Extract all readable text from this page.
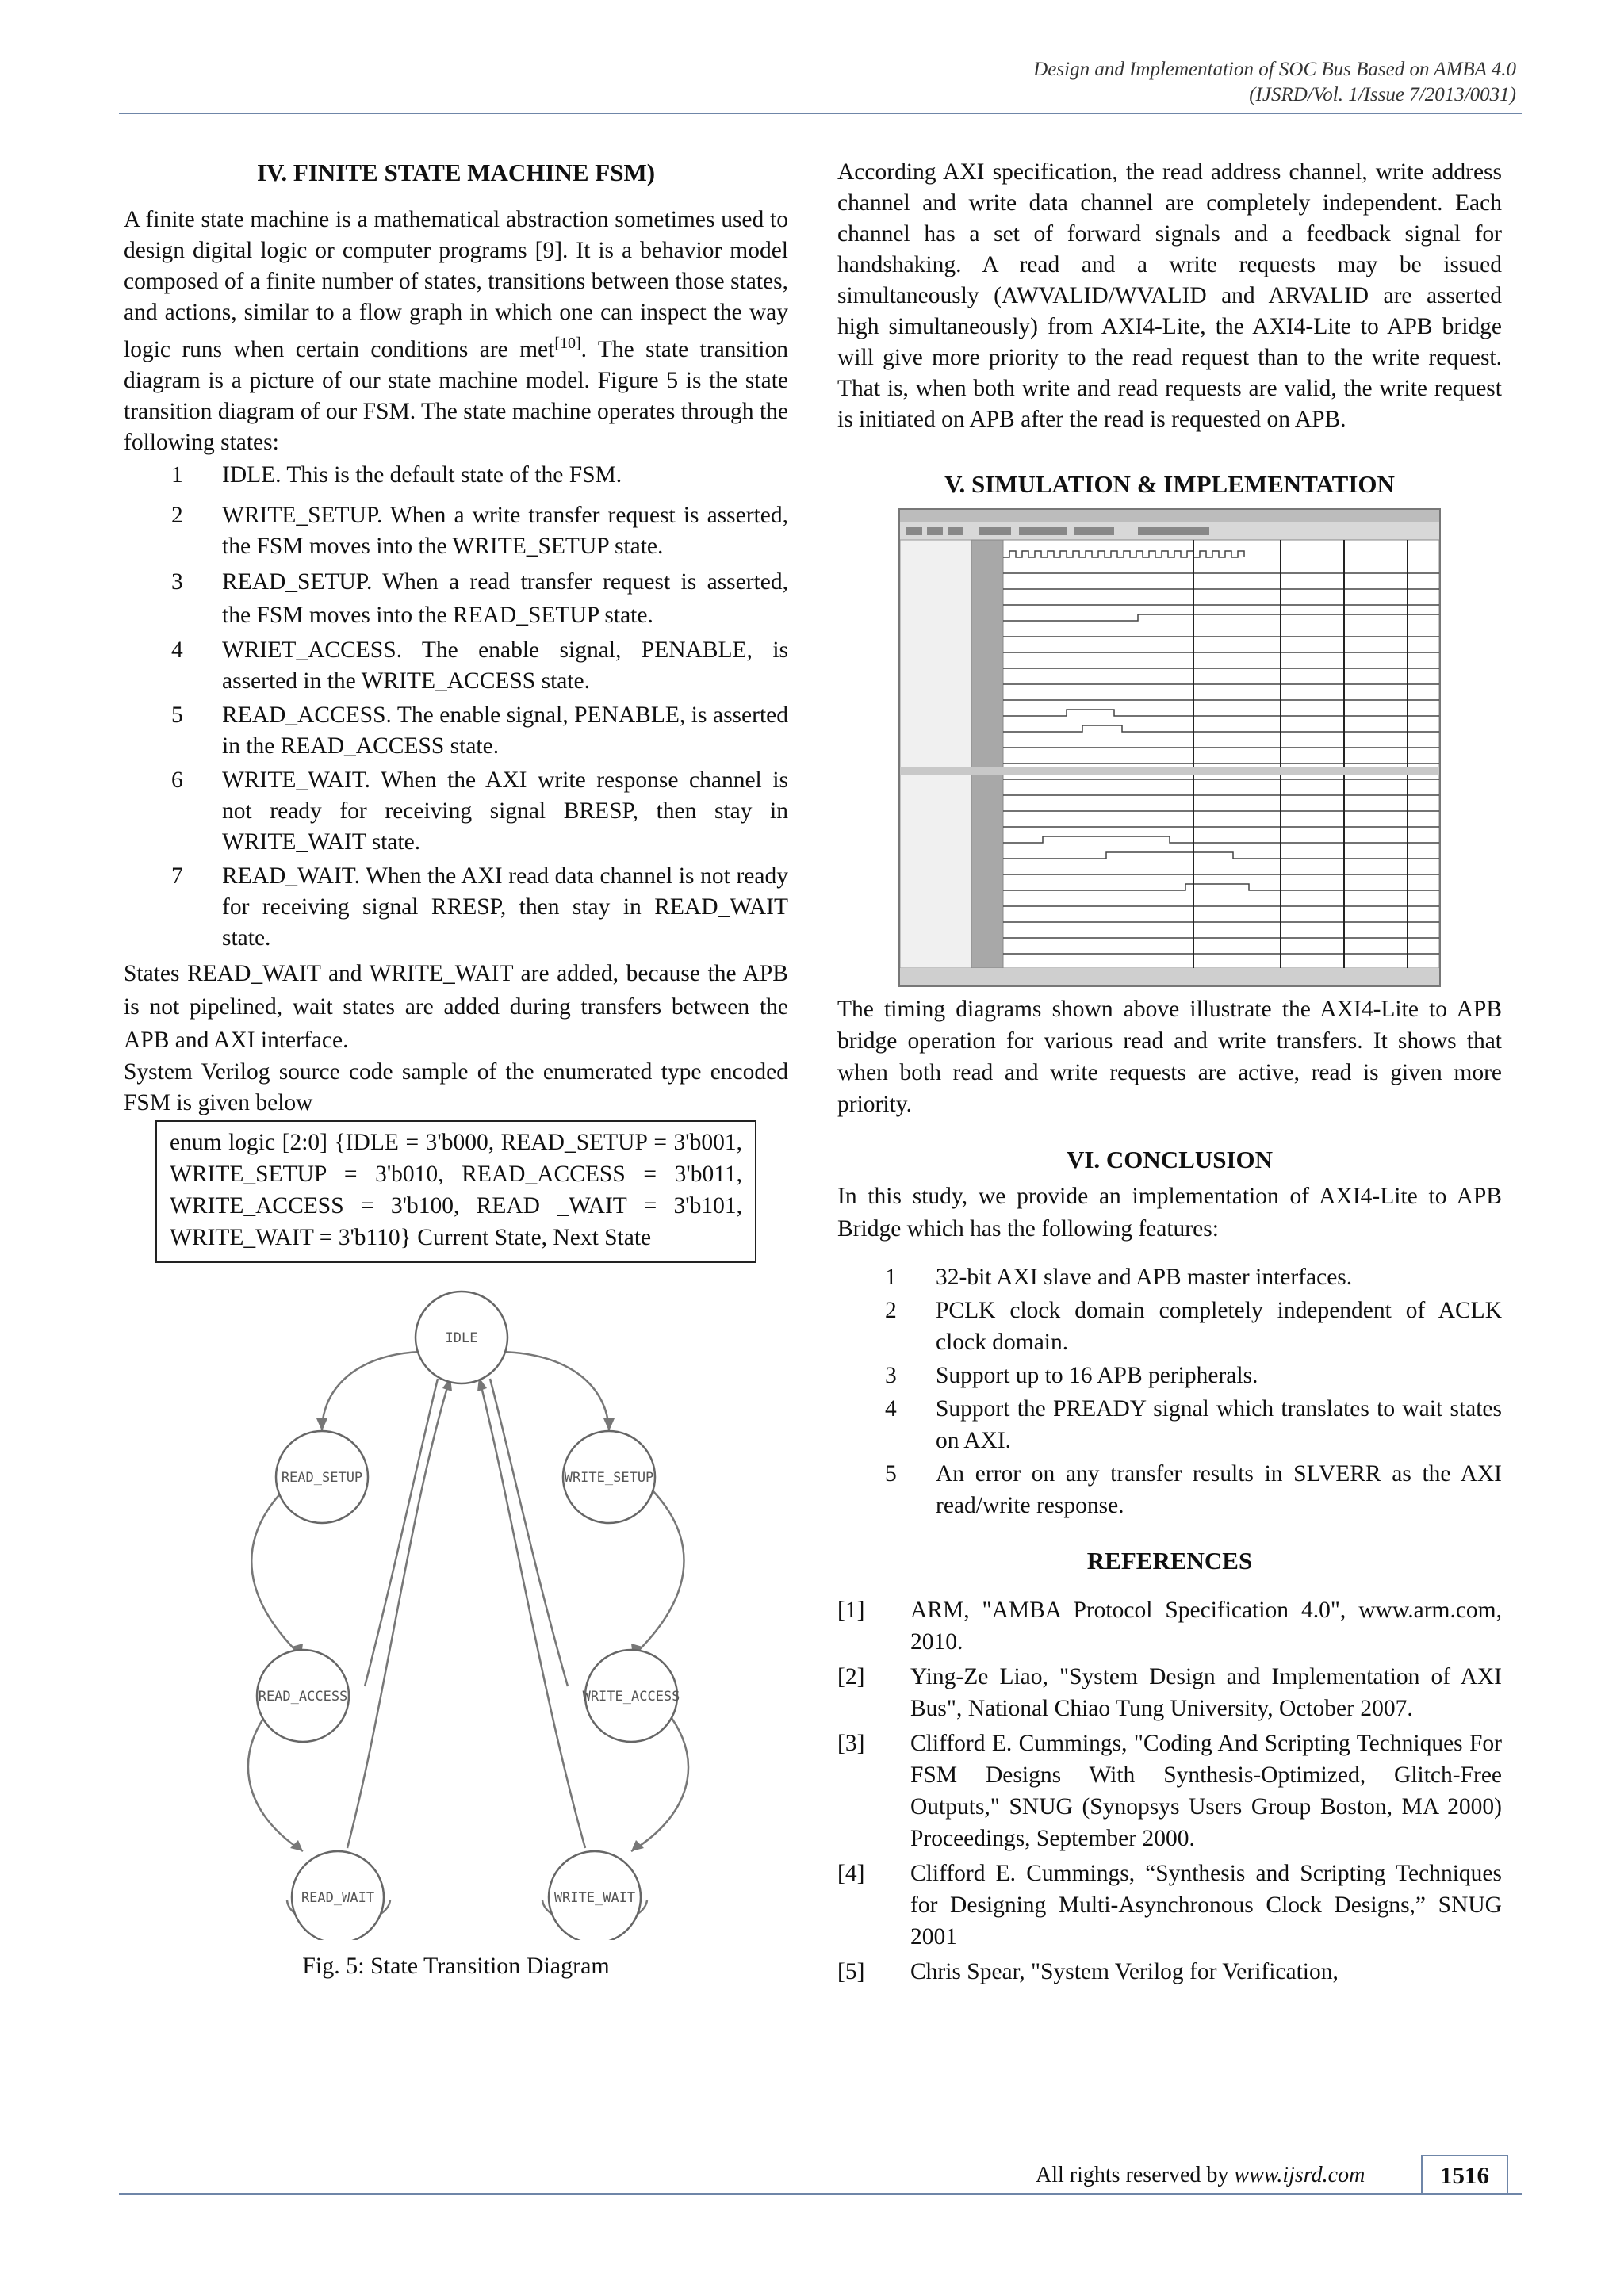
Design and Implementation of SOC Bus Based on AMBA 4.0
(IJSRD/Vol. 1/Issue 7/2013/0031)
IV. FINITE STATE MACHINE FSM)

A finite state machine is a mathematical abstraction sometimes used to design digital logic or computer programs [9]. It is a behavior model composed of a finite number of states, transitions between those states, and actions, similar to a flow graph in which one can inspect the way logic runs when certain conditions are met[10]. The state transition diagram is a picture of our state machine model. Figure 5 is the state transition diagram of our FSM. The state machine operates through the following states:

1 IDLE. This is the default state of the FSM.
2 WRITE_SETUP. When a write transfer request is asserted, the FSM moves into the WRITE_SETUP state.
3 READ_SETUP. When a read transfer request is asserted, the FSM moves into the READ_SETUP state.
4 WRIET_ACCESS. The enable signal, PENABLE, is asserted in the WRITE_ACCESS state.
5 READ_ACCESS. The enable signal, PENABLE, is asserted in the READ_ACCESS state.
6 WRITE_WAIT. When the AXI write response channel is not ready for receiving signal BRESP, then stay in WRITE_WAIT state.
7 READ_WAIT. When the AXI read data channel is not ready for receiving signal RRESP, then stay in READ_WAIT state.

States READ_WAIT and WRITE_WAIT are added, because the APB is not pipelined, wait states are added during transfers between the APB and AXI interface.

System Verilog source code sample of the enumerated type encoded FSM is given below

enum logic [2:0] {IDLE = 3'b000, READ_SETUP = 3'b001, WRITE_SETUP = 3'b010, READ_ACCESS = 3'b011, WRITE_ACCESS = 3'b100, READ _WAIT = 3'b101, WRITE_WAIT = 3'b110} Current State, Next State
IDLE
READ_SETUP	WRITE_SETUP
READ_ACCESS	WRITE_ACCESS
READ_WAIT	WRITE_WAIT
Fig. 5: State Transition Diagram

According AXI specification, the read address channel, write address channel and write data channel are completely independent. Each channel has a set of forward signals and a feedback signal for handshaking. A read and a write requests may be issued simultaneously (AWVALID/WVALID and ARVALID are asserted high simultaneously) from AXI4-Lite, the AXI4-Lite to APB bridge will give more priority to the read request than to the write request. That is, when both write and read requests are valid, the write request is initiated on APB after the read is requested on APB.

V. SIMULATION & IMPLEMENTATION

The timing diagrams shown above illustrate the AXI4-Lite to APB bridge operation for various read and write transfers. It shows that when both read and write requests are active, read is given more priority.

VI. CONCLUSION

In this study, we provide an implementation of AXI4-Lite to APB Bridge which has the following features:

1 32-bit AXI slave and APB master interfaces.
2 PCLK clock domain completely independent of ACLK clock domain.
3 Support up to 16 APB peripherals.
4 Support the PREADY signal which translates to wait states on AXI.
5 An error on any transfer results in SLVERR as the AXI read/write response.
REFERENCES
[1] ARM, "AMBA Protocol Specification 4.0", www.arm.com, 2010.
[2] Ying-Ze Liao, "System Design and Implementation of AXI Bus", National Chiao Tung University, October 2007.
[3] Clifford E. Cummings, "Coding And Scripting Techniques For FSM Designs With Synthesis-Optimized, Glitch-Free Outputs," SNUG (Synopsys Users Group Boston, MA 2000) Proceedings, September 2000.
[4] Clifford E. Cummings, “Synthesis and Scripting Techniques for Designing Multi-Asynchronous Clock Designs,” SNUG 2001
[5] Chris Spear, "System Verilog for Verification,
All rights reserved by www.ijsrd.com	1516
